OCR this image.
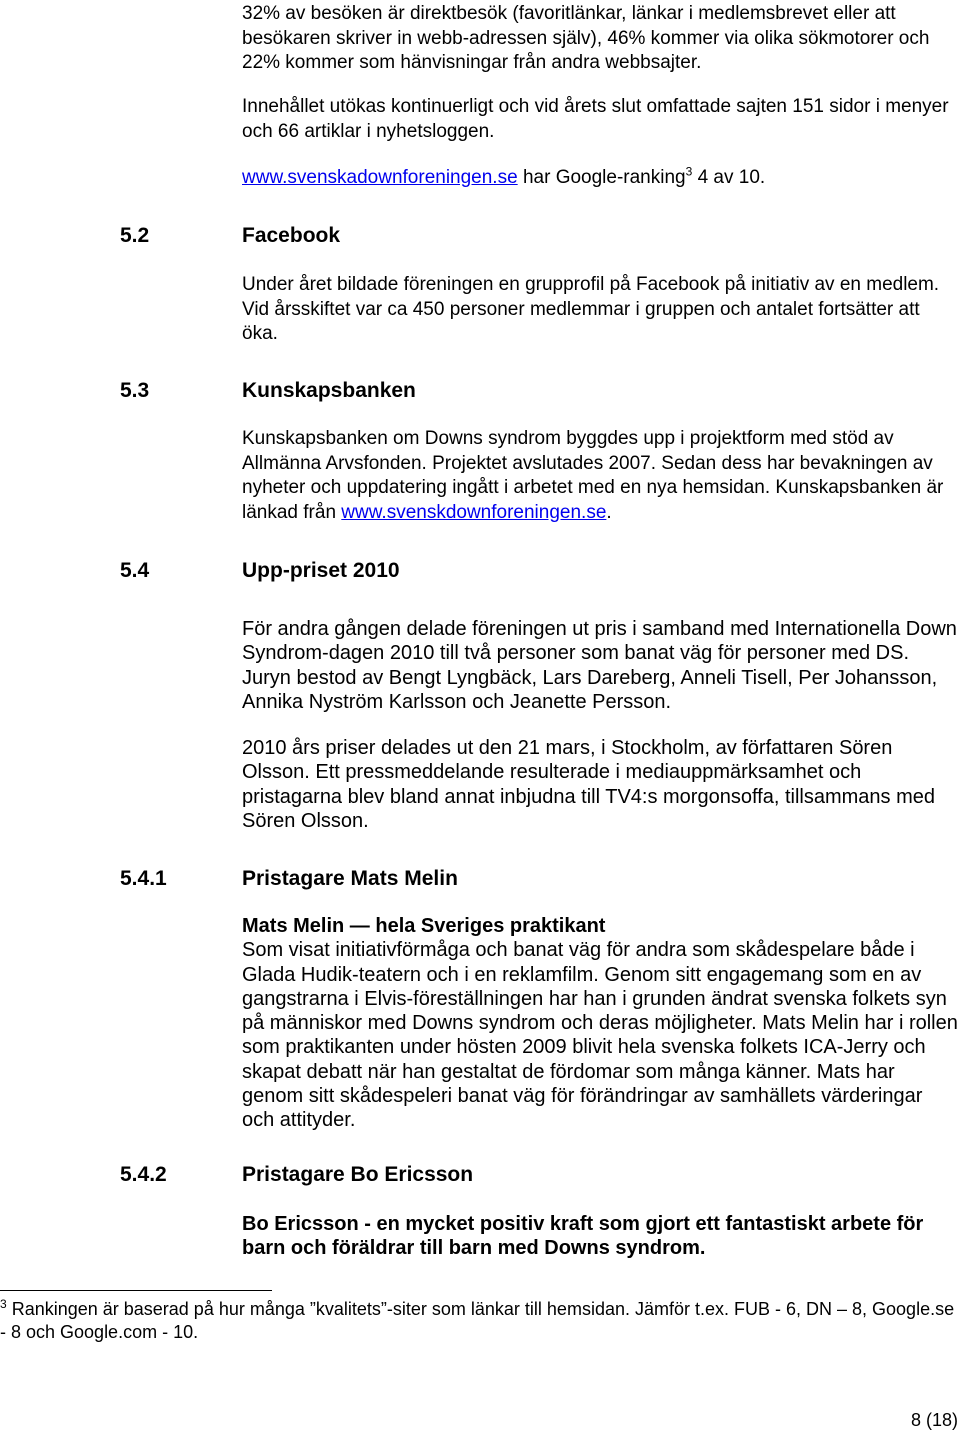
32% av besöken är direktbesök (favoritlänkar, länkar i medlemsbrevet eller att besökaren skriver in webb-adressen själv), 46% kommer via olika sökmotorer och 22% kommer som hänvisningar från andra webbsajter.

Innehållet utökas kontinuerligt och vid årets slut omfattade sajten 151 sidor i menyer och 66 artiklar i nyhetsloggen.

www.svenskadownforeningen.se har Google-ranking$^3$ 4 av 10.

5.2	Facebook

Under året bildade föreningen en grupprofil på Facebook på initiativ av en medlem. Vid årsskiftet var ca 450 personer medlemmar i gruppen och antalet fortsätter att öka.

5.3	Kunskapsbanken

Kunskapsbanken om Downs syndrom byggdes upp i projektform med stöd av Allmänna Arvsfonden. Projektet avslutades 2007. Sedan dess har bevakningen av nyheter och uppdatering ingått i arbetet med en nya hemsidan. Kunskapsbanken är länkad från www.svenskdownforeningen.se.

5.4	Upp-priset 2010

För andra gången delade föreningen ut pris i samband med Internationella Down Syndrom-dagen 2010 till två personer som banat väg för personer med DS. Juryn bestod av Bengt Lyngbäck, Lars Dareberg, Anneli Tisell, Per Johansson, Annika Nyström Karlsson och Jeanette Persson.

2010 års priser delades ut den 21 mars, i Stockholm, av författaren Sören Olsson. Ett pressmeddelande resulterade i mediauppmärksamhet och pristagarna blev bland annat inbjudna till TV4:s morgonsoffa, tillsammans med Sören Olsson.

5.4.1	Pristagare Mats Melin

Mats Melin — hela Sveriges praktikant

Som visat initiativförmåga och banat väg för andra som skådespelare både i Glada Hudik-teatern och i en reklamfilm. Genom sitt engagemang som en av gangstrarna i Elvis-föreställningen har han i grunden ändrat svenska folkets syn på människor med Downs syndrom och deras möjligheter. Mats Melin har i rollen som praktikanten under hösten 2009 blivit hela svenska folkets ICA-Jerry och skapat debatt när han gestaltat de fördomar som många känner. Mats har genom sitt skådespeleri banat väg för förändringar av samhällets värderingar och attityder.

5.4.2	Pristagare Bo Ericsson

Bo Ericsson - en mycket positiv kraft som gjort ett fantastiskt arbete för barn och föräldrar till barn med Downs syndrom.

$^3$ Rankingen är baserad på hur många ”kvalitets”-siter som länkar till hemsidan. Jämför t.ex. FUB - 6, DN – 8, Google.se - 8 och Google.com - 10.
8 (18)
